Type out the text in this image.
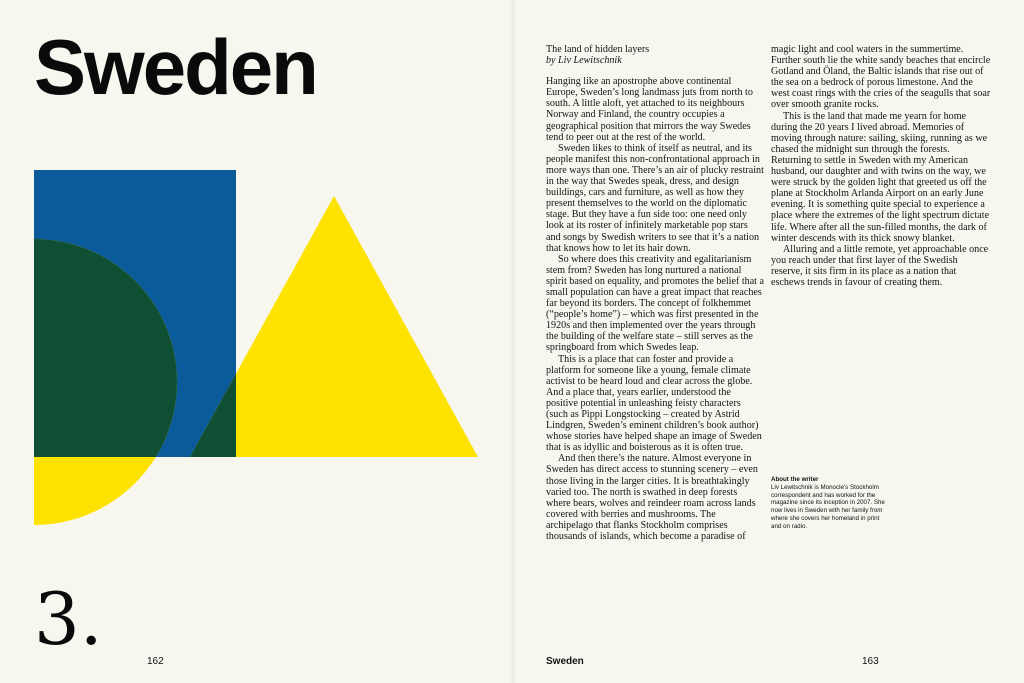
Sweden
3.
162
The land of hidden layers
by Liv Lewitschnik

Hanging like an apostrophe above continental Europe, Sweden’s long landmass juts from north to south. A little aloft, yet attached to its neighbours Norway and Finland, the country occupies a geographical position that mirrors the way Swedes tend to peer out at the rest of the world.

Sweden likes to think of itself as neutral, and its people manifest this non-confrontational approach in more ways than one. There’s an air of plucky restraint in the way that Swedes speak, dress, and design buildings, cars and furniture, as well as how they present themselves to the world on the diplomatic stage. But they have a fun side too: one need only look at its roster of infinitely marketable pop stars and songs by Swedish writers to see that it’s a nation that knows how to let its hair down.

So where does this creativity and egalitarianism stem from? Sweden has long nurtured a national spirit based on equality, and promotes the belief that a small population can have a great impact that reaches far beyond its borders. The concept of folkhemmet (“people’s home”) – which was first presented in the 1920s and then implemented over the years through the building of the welfare state – still serves as the springboard from which Swedes leap.

This is a place that can foster and provide a platform for someone like a young, female climate activist to be heard loud and clear across the globe. And a place that, years earlier, understood the positive potential in unleashing feisty characters (such as Pippi Longstocking – created by Astrid Lindgren, Sweden’s eminent children’s book author) whose stories have helped shape an image of Sweden that is as idyllic and boisterous as it is often true.

And then there’s the nature. Almost everyone in Sweden has direct access to stunning scenery – even those living in the larger cities. It is breathtakingly varied too. The north is swathed in deep forests where bears, wolves and reindeer roam across lands covered with berries and mushrooms. The archipelago that flanks Stockholm comprises thousands of islands, which become a paradise of

magic light and cool waters in the summertime. Further south lie the white sandy beaches that encircle Gotland and Öland, the Baltic islands that rise out of the sea on a bedrock of porous limestone. And the west coast rings with the cries of the seagulls that soar over smooth granite rocks.

This is the land that made me yearn for home during the 20 years I lived abroad. Memories of moving through nature: sailing, skiing, running as we chased the midnight sun through the forests. Returning to settle in Sweden with my American husband, our daughter and with twins on the way, we were struck by the golden light that greeted us off the plane at Stockholm Arlanda Airport on an early June evening. It is something quite special to experience a place where the extremes of the light spectrum dictate life. Where after all the sun-filled months, the dark of winter descends with its thick snowy blanket.

Alluring and a little remote, yet approachable once you reach under that first layer of the Swedish reserve, it sits firm in its place as a nation that eschews trends in favour of creating them.

About the writer
Liv Lewitschnik is Monocle’s Stockholm correspondent and has worked for the magazine since its inception in 2007. She now lives in Sweden with her family from where she covers her homeland in print and on radio.
Sweden	163
